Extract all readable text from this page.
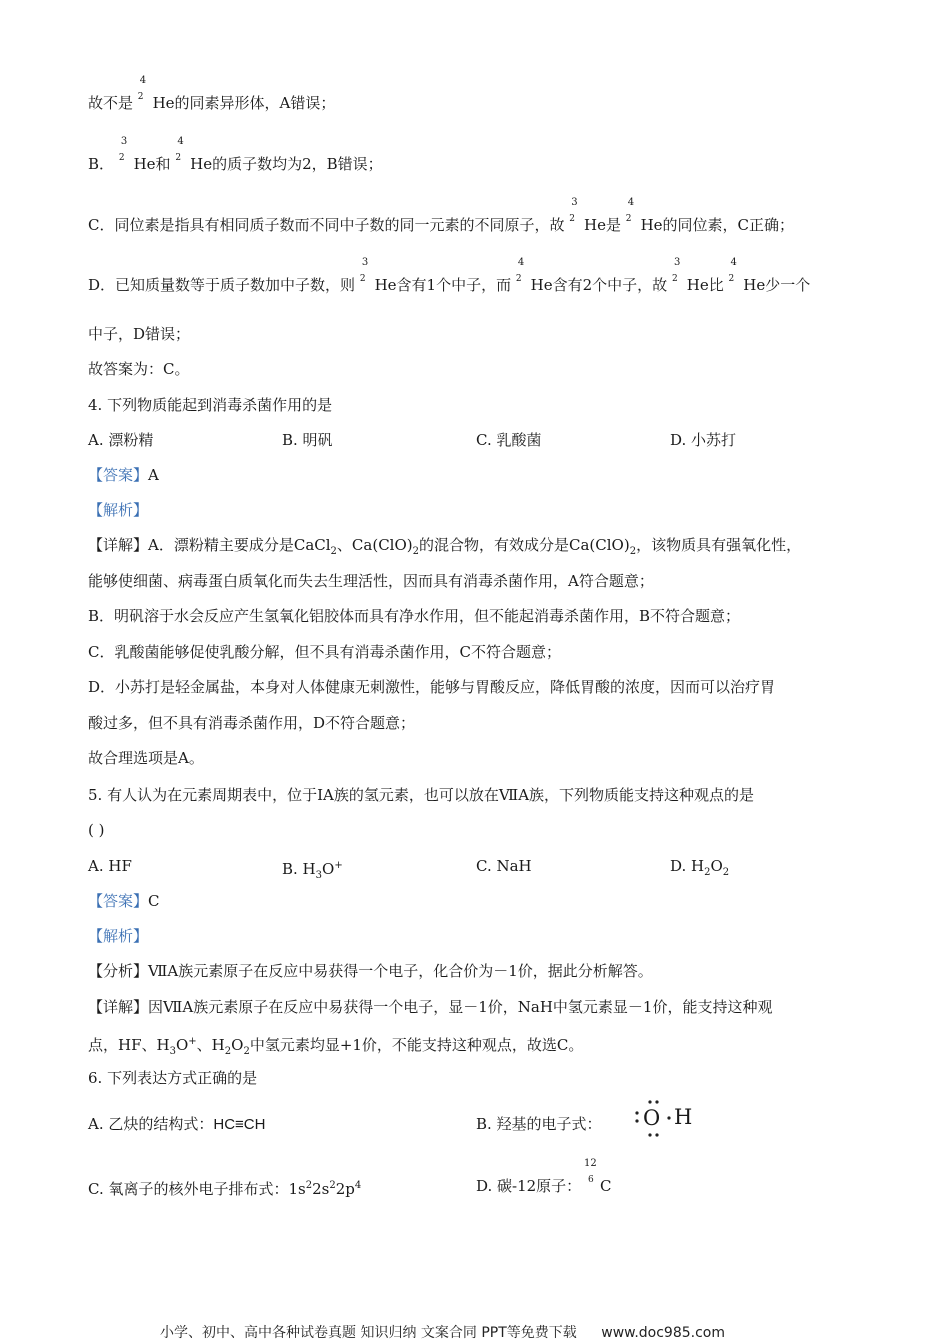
故不是
4
2 He的同素异形体，A错误；
B．
3
2 He和
4
2 He的质子数均为2，B错误；
C．同位素是指具有相同质子数而不同中子数的同一元素的不同原子，故
3
2 He是
4
2 He的同位素，C正确；
D．已知质量数等于质子数加中子数，则
3
2 He含有1个中子，而
4
2 He含有2个中子，故
3
2 He比
4
2 He少一个
中子，D错误；
故答案为：C。
4. 下列物质能起到消毒杀菌作用的是
A. 漂粉精	B. 明矾	C. 乳酸菌	D. 小苏打
【答案】A
【解析】
【详解】A．漂粉精主要成分是CaCl$_2$、$Ca(ClO)_2$的混合物，有效成分是$Ca(ClO)_2$，该物质具有强氧化性，
能够使细菌、病毒蛋白质氧化而失去生理活性，因而具有消毒杀菌作用，A符合题意；
B．明矾溶于水会反应产生氢氧化铝胶体而具有净水作用，但不能起消毒杀菌作用，B不符合题意；
C．乳酸菌能够促使乳酸分解，但不具有消毒杀菌作用，C不符合题意；
D．小苏打是轻金属盐，本身对人体健康无刺激性，能够与胃酸反应，降低胃酸的浓度，因而可以治疗胃
酸过多，但不具有消毒杀菌作用，D不符合题意；
故合理选项是A。
5. 有人认为在元素周期表中，位于ⅠA族的氢元素，也可以放在ⅦA族，下列物质能支持这种观点的是
( )
A. HF	B. $H_3O^+$	C. NaH	D. $H_2O_2$
【答案】C
【解析】
【分析】ⅦA族元素原子在反应中易获得一个电子，化合价为－1价，据此分析解答。
【详解】因ⅦA族元素原子在反应中易获得一个电子，显－1价，NaH中氢元素显－1价，能支持这种观
点，HF、$H_3O^+$、$H_2O_2$中氢元素均显+1价，不能支持这种观点，故选C。
6. 下列表达方式正确的是
A. 乙炔的结构式：HC≡CH	B. 羟基的电子式： O H
C. 氧离子的核外电子排布式：$1s^22s^22p^4$	D. 碳-12原子：
12
6 C
小学、初中、高中各种试卷真题 知识归纳 文案合同 PPT等免费下载 www.doc985.com
